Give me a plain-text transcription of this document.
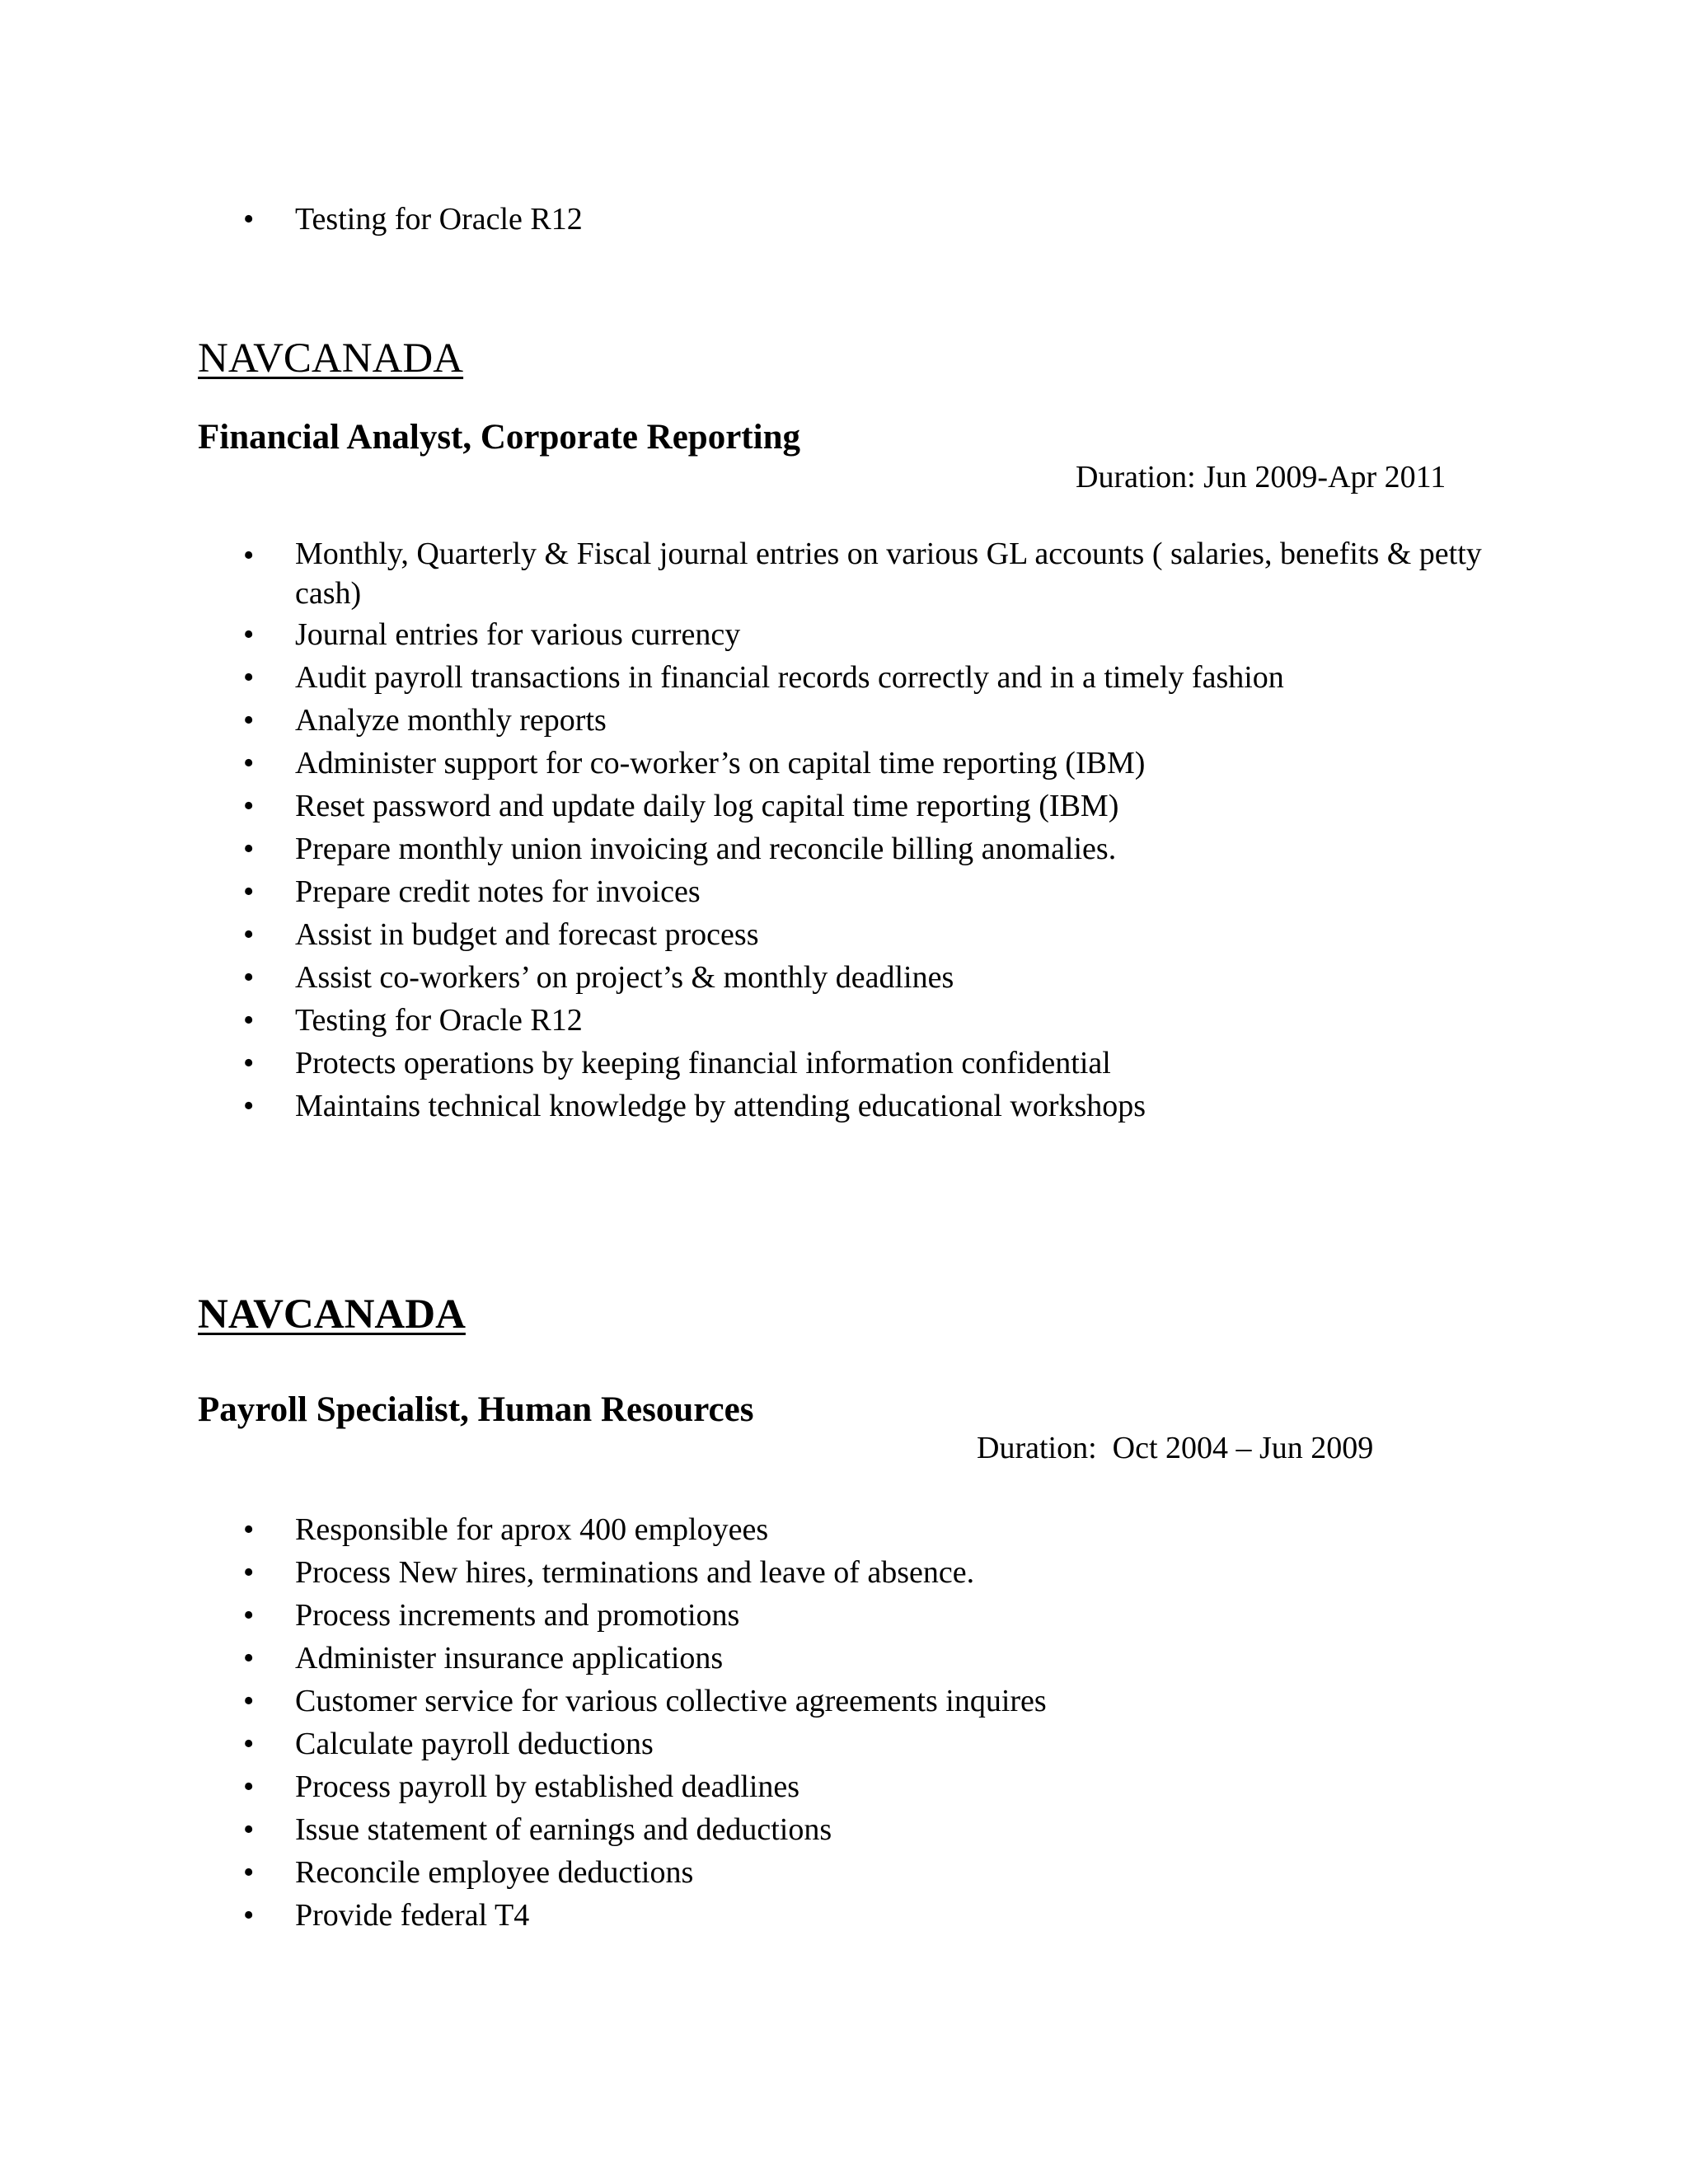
• Testing for Oracle R12
NAVCANADA
Financial Analyst, Corporate Reporting
Duration: Jun 2009-Apr 2011
• Monthly, Quarterly & Fiscal journal entries on various GL accounts ( salaries, benefits & petty cash)
• Journal entries for various currency
• Audit payroll transactions in financial records correctly and in a timely fashion
• Analyze monthly reports
• Administer support for co-worker’s on capital time reporting (IBM)
• Reset password and update daily log capital time reporting (IBM)
• Prepare monthly union invoicing and reconcile billing anomalies.
• Prepare credit notes for invoices
• Assist in budget and forecast process
• Assist co-workers’ on project’s & monthly deadlines
• Testing for Oracle R12
• Protects operations by keeping financial information confidential
• Maintains technical knowledge by attending educational workshops
NAVCANADA
Payroll Specialist, Human Resources
Duration:  Oct 2004 – Jun 2009
• Responsible for aprox 400 employees
• Process New hires, terminations and leave of absence.
• Process increments and promotions
• Administer insurance applications
• Customer service for various collective agreements inquires
• Calculate payroll deductions
• Process payroll by established deadlines
• Issue statement of earnings and deductions
• Reconcile employee deductions
• Provide federal T4
